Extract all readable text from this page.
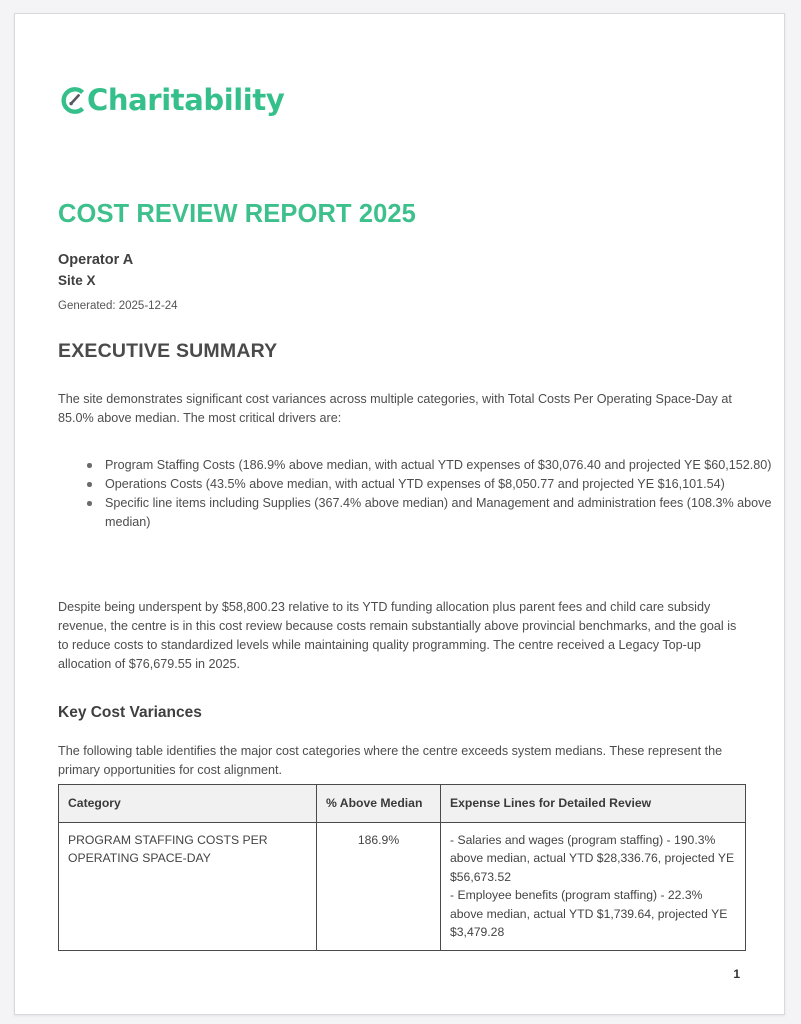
Charitability
COST REVIEW REPORT 2025
Operator A
Site X
Generated: 2025-12-24
EXECUTIVE SUMMARY

The site demonstrates significant cost variances across multiple categories, with Total Costs Per Operating Space-Day at 85.0% above median. The most critical drivers are:

Program Staffing Costs (186.9% above median, with actual YTD expenses of $30,076.40 and projected YE $60,152.80)
Operations Costs (43.5% above median, with actual YTD expenses of $8,050.77 and projected YE $16,101.54)
Specific line items including Supplies (367.4% above median) and Management and administration fees (108.3% above median)

Despite being underspent by $58,800.23 relative to its YTD funding allocation plus parent fees and child care subsidy revenue, the centre is in this cost review because costs remain substantially above provincial benchmarks, and the goal is to reduce costs to standardized levels while maintaining quality programming. The centre received a Legacy Top-up allocation of $76,679.55 in 2025.

Key Cost Variances

The following table identifies the major cost categories where the centre exceeds system medians. These represent the primary opportunities for cost alignment.

Category	% Above Median	Expense Lines for Detailed Review
PROGRAM STAFFING COSTS PER OPERATING SPACE-DAY	186.9%	- Salaries and wages (program staffing) - 190.3% above median, actual YTD $28,336.76, projected YE $56,673.52
- Employee benefits (program staffing) - 22.3% above median, actual YTD $1,739.64, projected YE $3,479.28
1
